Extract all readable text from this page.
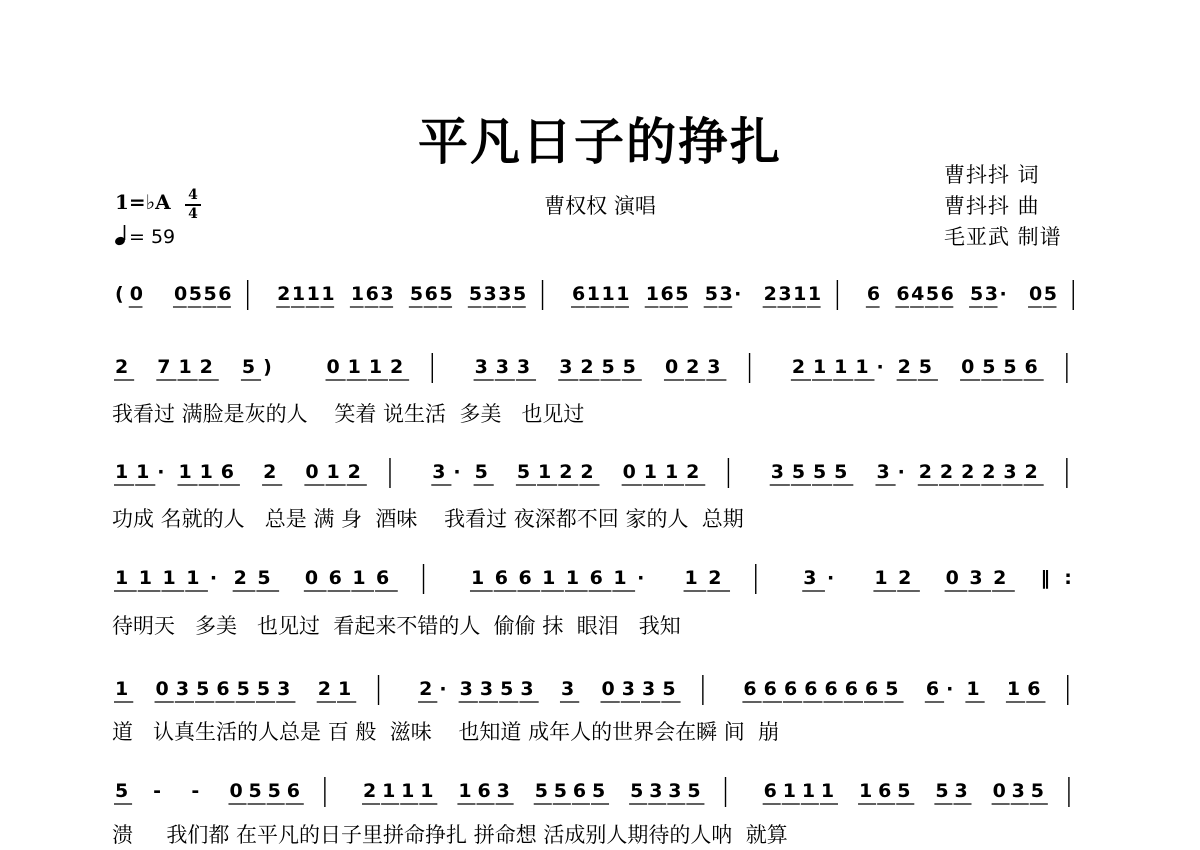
平凡日子的挣扎
曹权权 演唱
曹抖抖 词
曹抖抖 曲
毛亚武 制谱
1=♭A 4
4
= 59
( 0 0 5 5 6 2 1 1 1 1 6 3 5 6 5 5 3 3 5 6 1 1 1 1 6 5 5 3 · 2 3 1 1 6 6 4 5 6 5 3 · 0 5
2 7 1 2 5 )	0 1 1 2	3 3 3 3 2 5 5 0 2 3	2 1 1 1 · 2 5 0 5 5 6
1 1 · 1 1 6 2 0 1 2	3 · 5 5 1 2 2 0 1 1 2	3 5 5 5 3 · 2 2 2 2 3 2
1 1 1 1 · 2 5 0 6 1 6	1 6 6 1 1 6 1 · 1 2	3 · 1 2 0 3 2 ‖ :
1 0 3 5 6 5 5 3 2 1	2 · 3 3 5 3 3 0 3 3 5	6 6 6 6 6 6 6 5 6 · 1 1 6
5 - - 0 5 5 6	2 1 1 1 1 6 3 5 5 6 5 5 3 3 5	6 1 1 1 1 6 5 5 3 0 3 5
我看过 满脸是灰的人    笑着 说生活  多美   也见过
功成 名就的人   总是 满 身  酒味    我看过 夜深都不回 家的人  总期
待明天   多美   也见过  看起来不错的人  偷偷 抹  眼泪   我知
道   认真生活的人总是 百 般  滋味    也知道 成年人的世界会在瞬 间  崩
溃     我们都 在平凡的日子里拼命挣扎 拼命想 活成别人期待的人呐  就算
